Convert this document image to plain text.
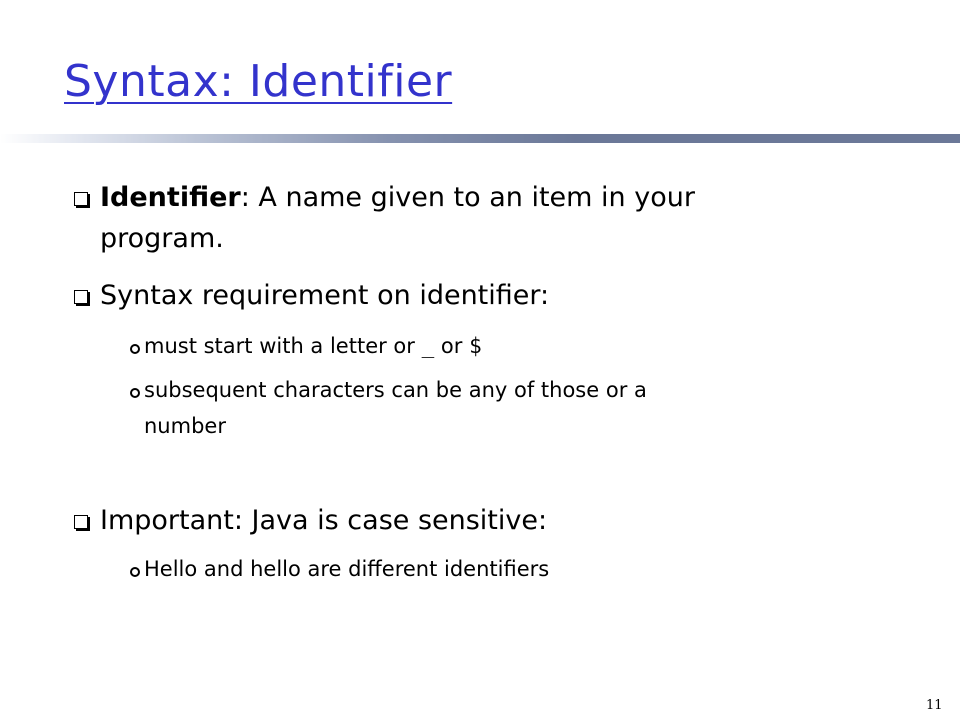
Syntax: Identifier
Identifier: A name given to an item in your
program.
Syntax requirement on identifier:
must start with a letter or _ or $
subsequent characters can be any of those or a
number
Important: Java is case sensitive:
Hello and hello are different identifiers
11
